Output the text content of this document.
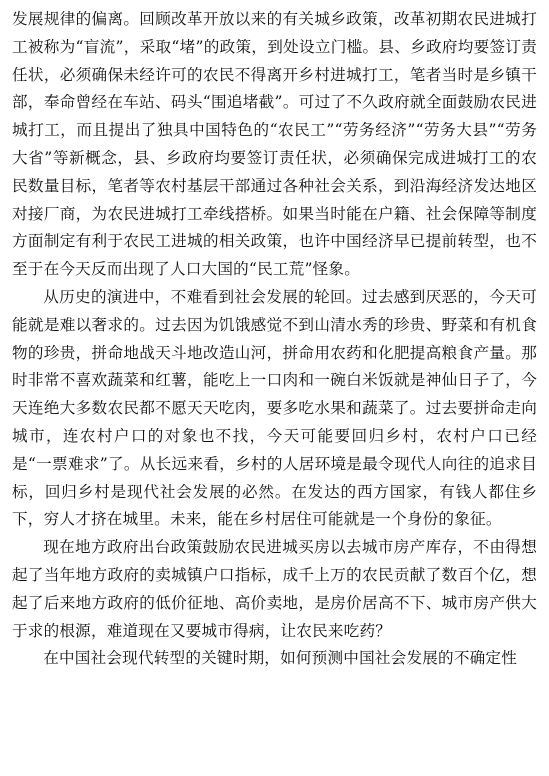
发展规律的偏离。回顾改革开放以来的有关城乡政策，改革初期农民进城打工被称为“盲流”，采取“堵”的政策，到处设立门槛。县、乡政府均要签订责任状，必须确保未经许可的农民不得离开乡村进城打工，笔者当时是乡镇干部，奉命曾经在车站、码头“围追堵截”。可过了不久政府就全面鼓励农民进城打工，而且提出了独具中国特色的“农民工”“劳务经济”“劳务大县”“劳务大省”等新概念，县、乡政府均要签订责任状，必须确保完成进城打工的农民数量目标，笔者等农村基层干部通过各种社会关系，到沿海经济发达地区对接厂商，为农民进城打工牵线搭桥。如果当时能在户籍、社会保障等制度方面制定有利于农民工进城的相关政策，也许中国经济早已提前转型，也不至于在今天反而出现了人口大国的“民工荒”怪象。

从历史的演进中，不难看到社会发展的轮回。过去感到厌恶的，今天可能就是难以奢求的。过去因为饥饿感觉不到山清水秀的珍贵、野菜和有机食物的珍贵，拼命地战天斗地改造山河，拼命用农药和化肥提高粮食产量。那时非常不喜欢蔬菜和红薯，能吃上一口肉和一碗白米饭就是神仙日子了，今天连绝大多数农民都不愿天天吃肉，要多吃水果和蔬菜了。过去要拼命走向城市，连农村户口的对象也不找，今天可能要回归乡村，农村户口已经是“一票难求”了。从长远来看，乡村的人居环境是最令现代人向往的追求目标，回归乡村是现代社会发展的必然。在发达的西方国家，有钱人都住乡下，穷人才挤在城里。未来，能在乡村居住可能就是一个身份的象征。

现在地方政府出台政策鼓励农民进城买房以去城市房产库存，不由得想起了当年地方政府的卖城镇户口指标，成千上万的农民贡献了数百个亿，想起了后来地方政府的低价征地、高价卖地，是房价居高不下、城市房产供大于求的根源，难道现在又要城市得病，让农民来吃药？

在中国社会现代转型的关键时期，如何预测中国社会发展的不确定性
